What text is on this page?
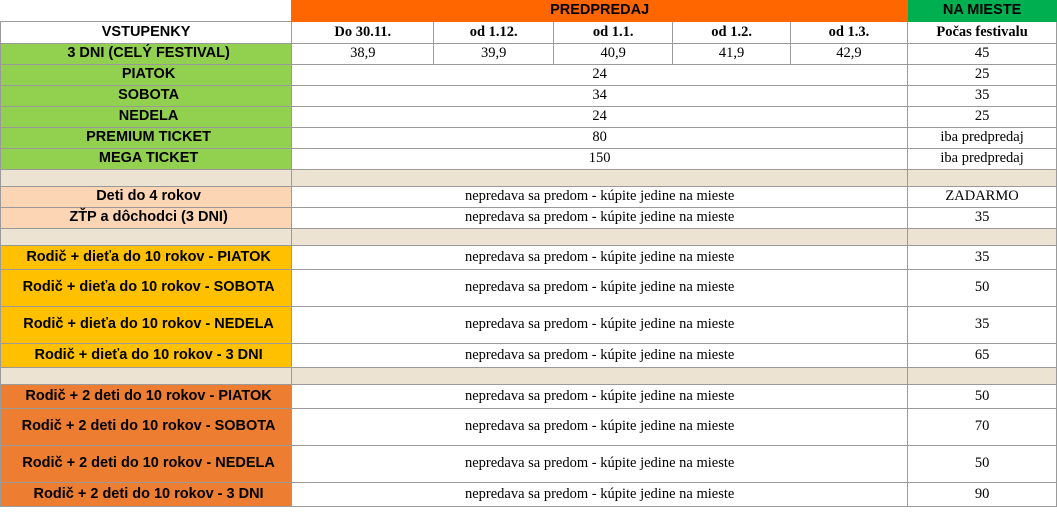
	PREDPREDAJ					NA MIESTE
VSTUPENKY	Do 30.11.	od 1.12.	od 1.1.	od 1.2.	od 1.3.	Počas festivalu
3 DNI (CELÝ FESTIVAL)	38,9	39,9	40,9	41,9	42,9	45
PIATOK	24					25
SOBOTA	34					35
NEDELA	24					25
PREMIUM TICKET	80					iba predpredaj
MEGA TICKET	150					iba predpredaj

Deti do 4 rokov	nepredava sa predom - kúpite jedine na mieste					ZADARMO
ZŤP a dôchodci (3 DNI)	nepredava sa predom - kúpite jedine na mieste					35

Rodič + dieťa do 10 rokov - PIATOK	nepredava sa predom - kúpite jedine na mieste					35
Rodič + dieťa do 10 rokov - SOBOTA	nepredava sa predom - kúpite jedine na mieste					50
Rodič + dieťa do 10 rokov - NEDELA	nepredava sa predom - kúpite jedine na mieste					35
Rodič + dieťa do 10 rokov - 3 DNI	nepredava sa predom - kúpite jedine na mieste					65

Rodič + 2 deti do 10 rokov - PIATOK	nepredava sa predom - kúpite jedine na mieste					50
Rodič + 2 deti do 10 rokov - SOBOTA	nepredava sa predom - kúpite jedine na mieste					70
Rodič + 2 deti do 10 rokov - NEDELA	nepredava sa predom - kúpite jedine na mieste					50
Rodič + 2 deti do 10 rokov - 3 DNI	nepredava sa predom - kúpite jedine na mieste					90
